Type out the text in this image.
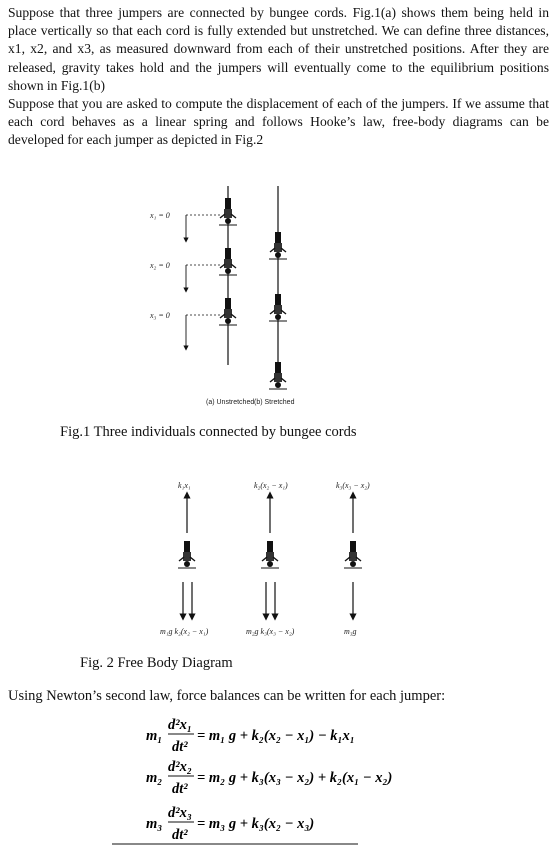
Suppose that three jumpers are connected by bungee cords. Fig.1(a) shows them being held in place vertically so that each cord is fully extended but unstretched. We can define three distances, x1, x2, and x3, as measured downward from each of their unstretched positions. After they are released, gravity takes hold and the jumpers will eventually come to the equilibrium positions shown in Fig.1(b)

Suppose that you are asked to compute the displacement of each of the jumpers. If we assume that each cord behaves as a linear spring and follows Hooke’s law, free-body diagrams can be developed for each jumper as depicted in Fig.2

x₁ = 0
x₂ = 0
x₃ = 0
(a) Unstretched (b) Stretched
k₁x₁	k₂(x₂ − x₁)	k₃(x₃ − x₂)
m₁g k₂(x₂ − x₁)	m₂g k₃(x₃ − x₂)	m₃g
m₁
d²x₁
dt²
= m₁ g + k₂(x₂ − x₁) − k₁x₁
m₂
d²x₂
dt²
= m₂ g + k₃(x₃ − x₂) + k₂(x₁ − x₂)
m₃
d²x₃
dt²
= m₃ g + k₃(x₂ − x₃)
Fig.1 Three individuals connected by bungee cords
Fig. 2 Free Body Diagram
Using Newton’s second law, force balances can be written for each jumper:
